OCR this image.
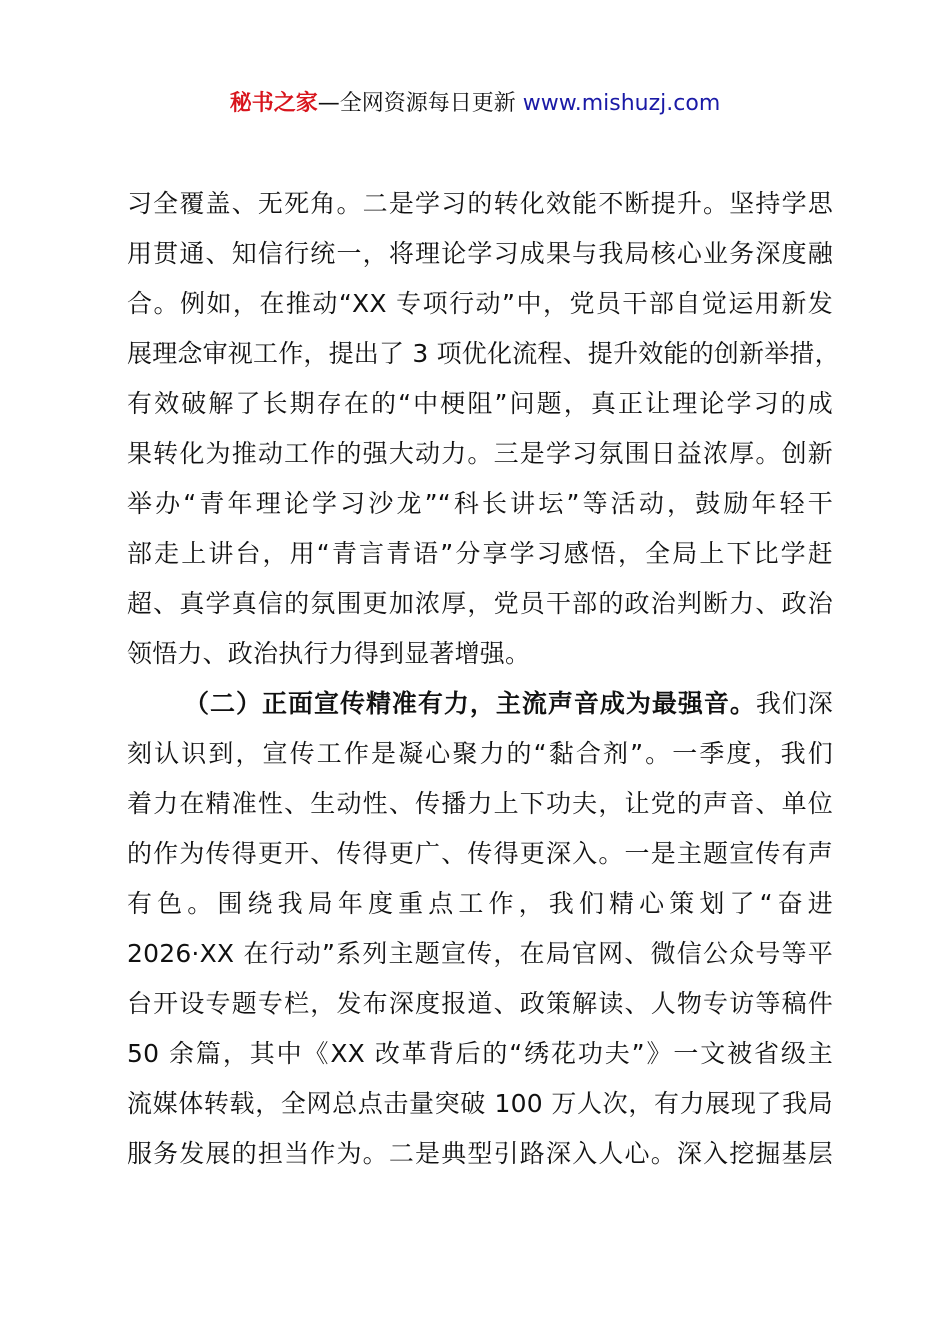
秘书之家—全网资源每日更新 www.mishuzj.com
习全覆盖、无死角。二是学习的转化效能不断提升。坚持学思
用贯通、知信行统一，将理论学习成果与我局核心业务深度融
合。例如，在推动“XX 专项行动”中，党员干部自觉运用新发
展理念审视工作，提出了 3 项优化流程、提升效能的创新举措，
有效破解了长期存在的“中梗阻”问题，真正让理论学习的成
果转化为推动工作的强大动力。三是学习氛围日益浓厚。创新
举办“青年理论学习沙龙”“科长讲坛”等活动，鼓励年轻干
部走上讲台，用“青言青语”分享学习感悟，全局上下比学赶
超、真学真信的氛围更加浓厚，党员干部的政治判断力、政治
领悟力、政治执行力得到显著增强。
（二）正面宣传精准有力，主流声音成为最强音。我们深
刻认识到，宣传工作是凝心聚力的“黏合剂”。一季度，我们
着力在精准性、生动性、传播力上下功夫，让党的声音、单位
的作为传得更开、传得更广、传得更深入。一是主题宣传有声
有色。围绕我局年度重点工作，我们精心策划了“奋进
2026·XX 在行动”系列主题宣传，在局官网、微信公众号等平
台开设专题专栏，发布深度报道、政策解读、人物专访等稿件
50 余篇，其中《XX 改革背后的“绣花功夫”》一文被省级主
流媒体转载，全网总点击量突破 100 万人次，有力展现了我局
服务发展的担当作为。二是典型引路深入人心。深入挖掘基层
